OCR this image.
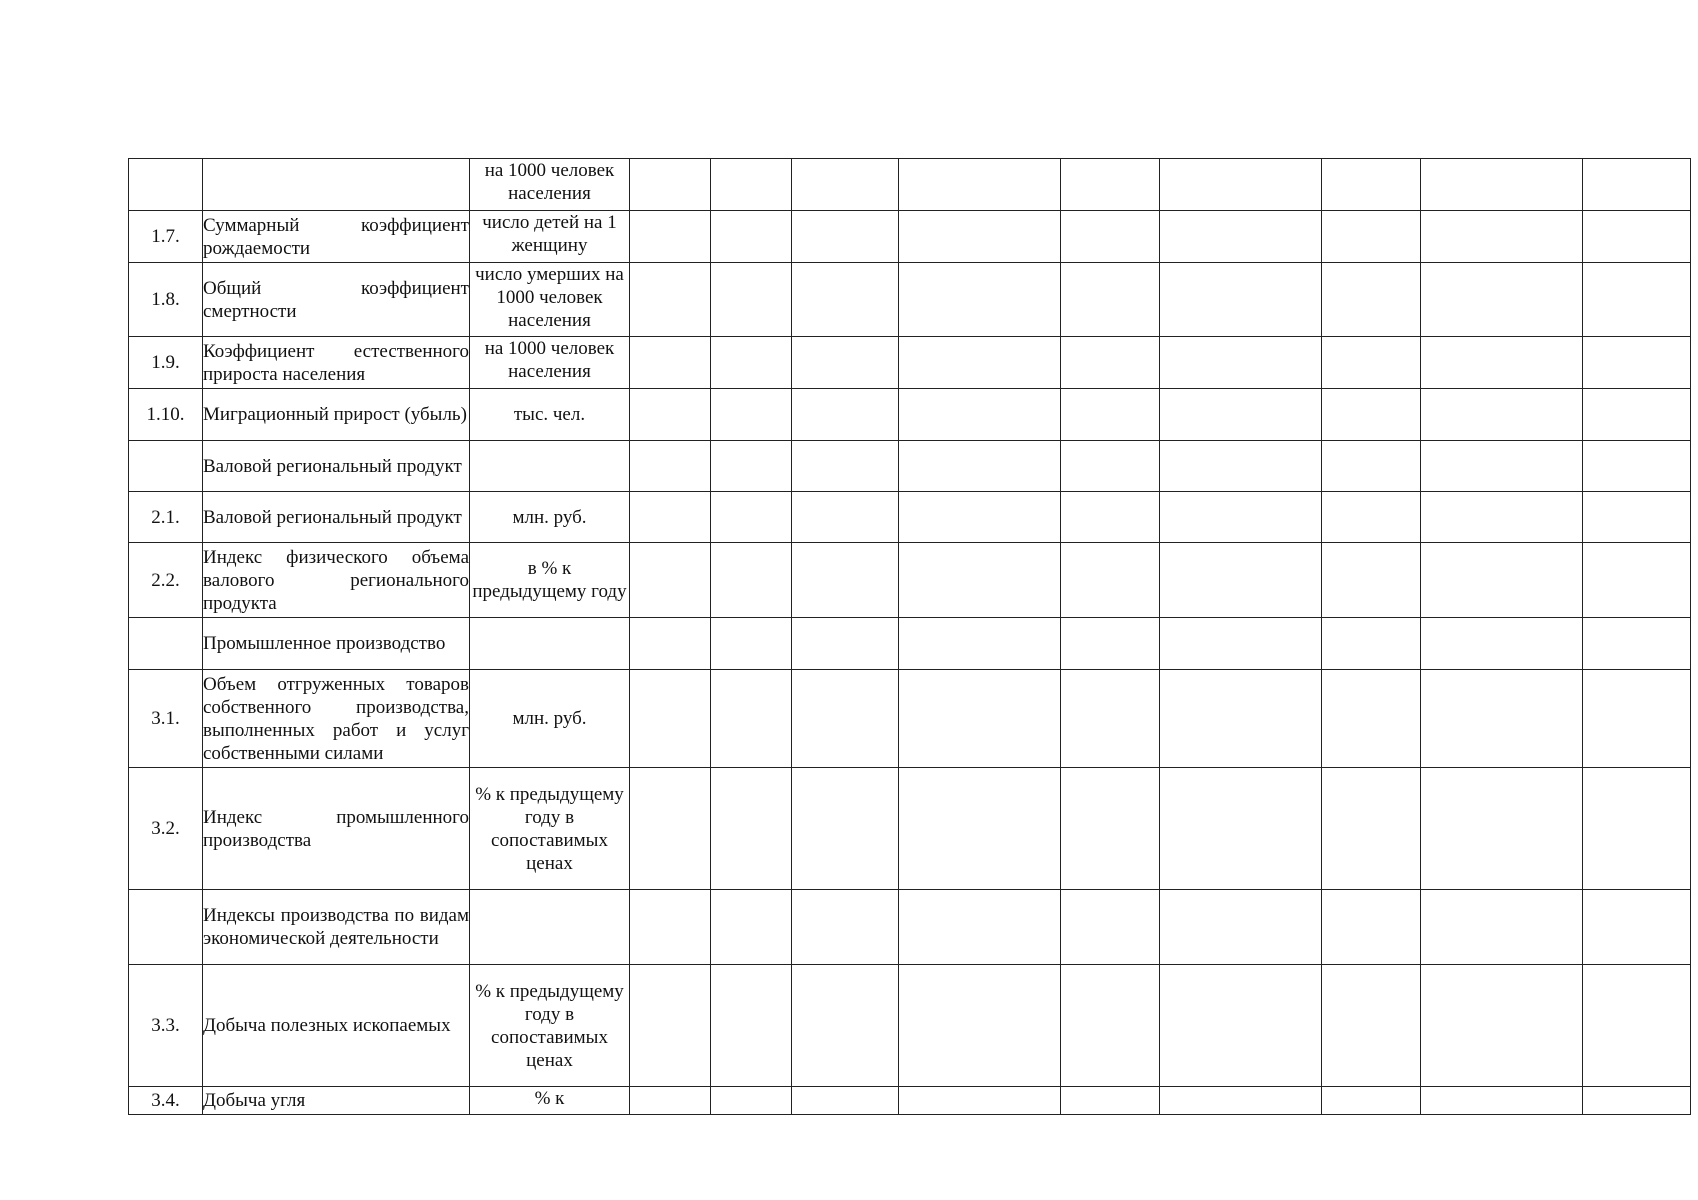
		на 1000 человек населения									
1.7.	Суммарный коэффициент рождаемости	число детей на 1 женщину									
1.8.	Общий коэффициент смертности	число умерших на 1000 человек населения									
1.9.	Коэффициент естественного прироста населения	на 1000 человек населения									
1.10.	Миграционный прирост (убыль)	тыс. чел.									
	Валовой региональный продукт										
2.1.	Валовой региональный продукт	млн. руб.									
2.2.	Индекс физического объема валового регионального продукта	в % к предыдущему году									
	Промышленное производство										
3.1.	Объем отгруженных товаров собственного производства, выполненных работ и услуг собственными силами	млн. руб.									
3.2.	Индекс промышленного производства	% к предыдущему году в сопоставимых ценах									
	Индексы производства по видам экономической деятельности										
3.3.	Добыча полезных ископаемых	% к предыдущему году в сопоставимых ценах									
3.4.	Добыча угля	% к									
